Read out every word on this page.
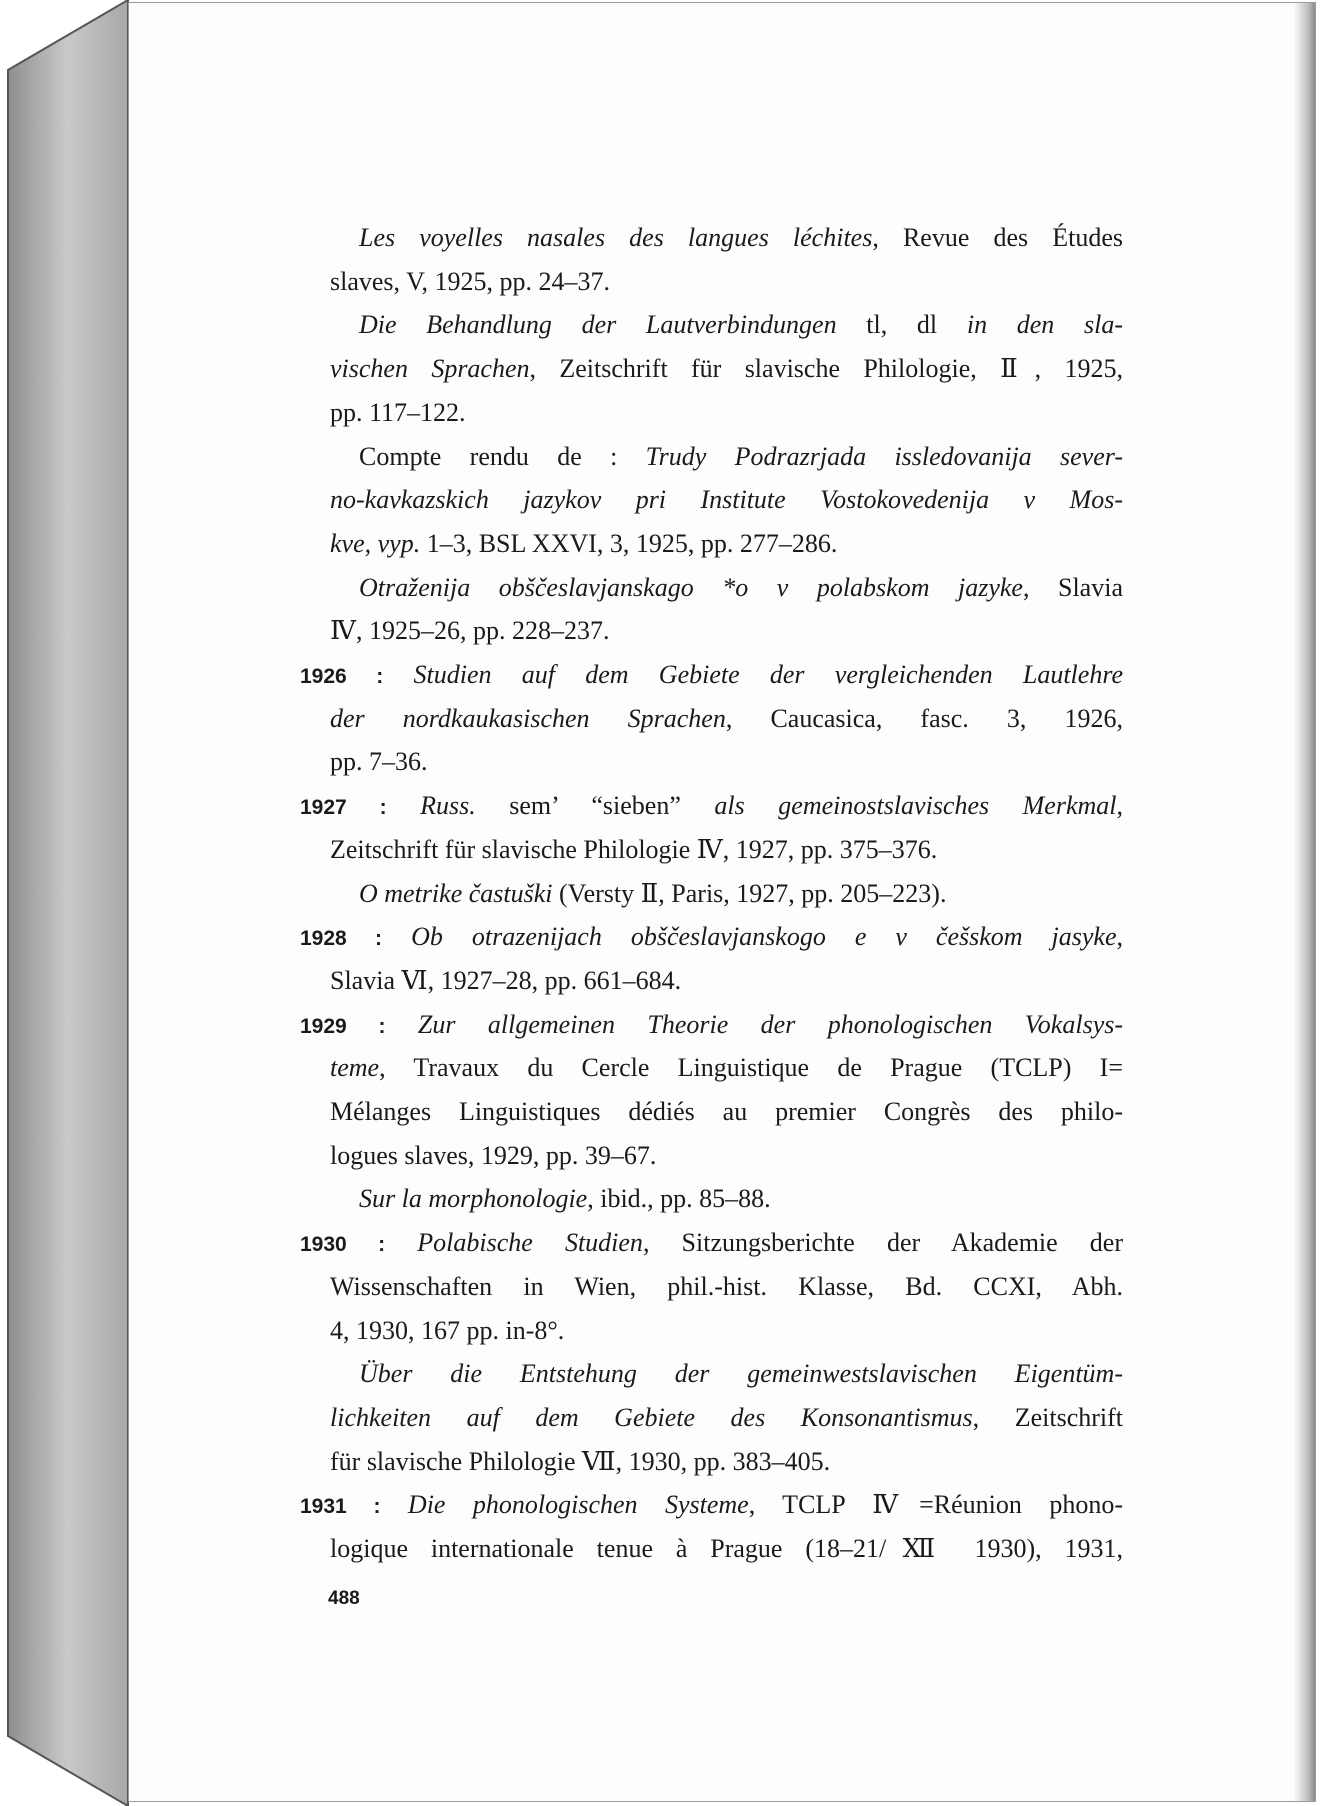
Les voyelles nasales des langues léchites, Revue des Études
slaves, V, 1925, pp. 24–37.
Die Behandlung der Lautverbindungen tl, dl in den sla-
vischen Sprachen, Zeitschrift für slavische Philologie, Ⅱ, 1925,
pp. 117–122.
Compte rendu de : Trudy Podrazrjada issledovanija sever-
no-kavkazskich jazykov pri Institute Vostokovedenija v Mos-
kve, vyp. 1–3, BSL XXVI, 3, 1925, pp. 277–286.
Otraženija obščeslavjanskago *o v polabskom jazyke, Slavia
Ⅳ, 1925–26, pp. 228–237.
1926 : Studien auf dem Gebiete der vergleichenden Lautlehre
der nordkaukasischen Sprachen, Caucasica, fasc. 3, 1926,
pp. 7–36.
1927 : Russ. sem’ “sieben” als gemeinostslavisches Merkmal,
Zeitschrift für slavische Philologie Ⅳ, 1927, pp. 375–376.
O metrike častuški (Versty Ⅱ, Paris, 1927, pp. 205–223).
1928 : Ob otrazenijach obščeslavjanskogo e v češskom jasyke,
Slavia Ⅵ, 1927–28, pp. 661–684.
1929 : Zur allgemeinen Theorie der phonologischen Vokalsys-
teme, Travaux du Cercle Linguistique de Prague (TCLP) I=
Mélanges Linguistiques dédiés au premier Congrès des philo-
logues slaves, 1929, pp. 39–67.
Sur la morphonologie, ibid., pp. 85–88.
1930 : Polabische Studien, Sitzungsberichte der Akademie der
Wissenschaften in Wien, phil.-hist. Klasse, Bd. CCXI, Abh.
4, 1930, 167 pp. in-8°.
Über die Entstehung der gemeinwestslavischen Eigentüm-
lichkeiten auf dem Gebiete des Konsonantismus, Zeitschrift
für slavische Philologie Ⅶ, 1930, pp. 383–405.
1931 : Die phonologischen Systeme, TCLP Ⅳ=Réunion phono-
logique internationale tenue à Prague (18–21/Ⅻ 1930), 1931,
488
